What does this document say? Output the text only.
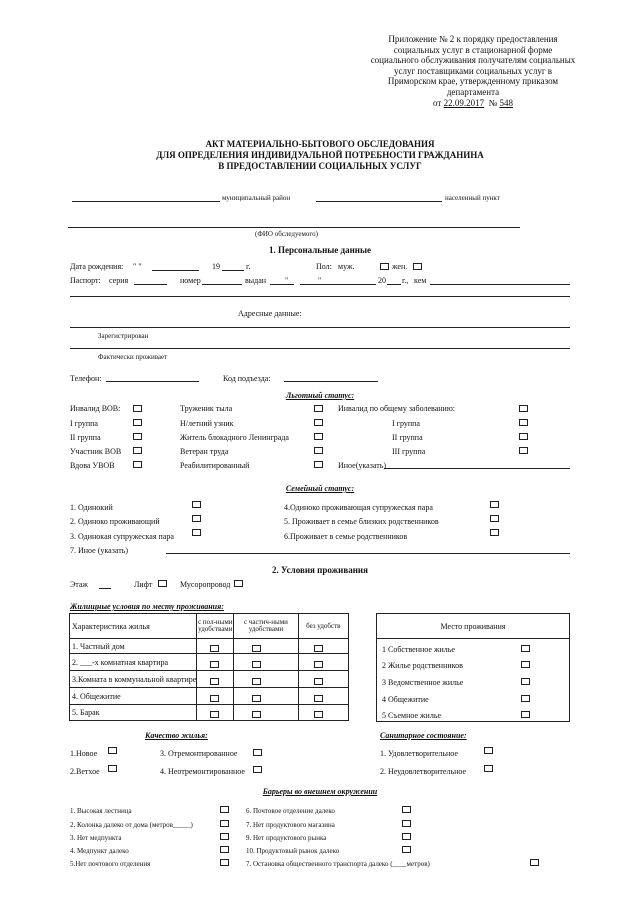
Приложение № 2 к порядку предоставления социальных услуг в стационарной форме социального обслуживания получателям социальных услуг поставщиками социальных услуг в Приморском крае, утвержденному приказом департамента
от 22.09.2017 № 548
АКТ МАТЕРИАЛЬНО-БЫТОВОГО ОБСЛЕДОВАНИЯ
ДЛЯ ОПРЕДЕЛЕНИЯ ИНДИВИДУАЛЬНОЙ ПОТРЕБНОСТИ ГРАЖДАНИНА
В ПРЕДОСТАВЛЕНИИ СОЦИАЛЬНЫХ УСЛУГ
муниципальный район	населенный пункт
(ФИО обследуемого)
1. Персональные данные
Дата рождения: " "	19	г.	Пол: муж.	жен.
Паспорт: серия	номер	выдан "	"	20 г., кем
Адресные данные:
Зарегистрирован
Фактически проживает
Телефон:	Код подъезда:
Льготный статус:
Инвалид ВОВ:
I группа
II группа
Участник ВОВ
Вдова УВОВ
Труженик тыла
Н/летний узник
Житель блокадного Ленинграда
Ветеран труда
Реабилитированный
Инвалид по общему заболеванию:
I группа
II группа
III группа
Иное(указать)
Семейный статус:
1. Одинокий
2. Одиноко проживающий
3. Одинокая супружеская пара
4.Одиноко проживающая супружеская пара
5. Проживает в семье близких родственников
6.Проживает в семье родственников
7. Иное (указать)
2. Условия проживания
Этаж	Лифт	Мусоропровод
Жилищные условия по месту проживания:
Характеристика жилья	с пол-ными удобствами	с частич-ными удобствами	без удобств
1. Частный дом			
2. ___-х комнатная квартира			
3.Комната в коммунальной квартире			
4. Общежитие			
5. Барак			
Место проживания

1 Собственное жилье
2 Жилье родственников
3 Ведомственное жилье
4 Общежитие
5 Съемное жилье
Качество жилья:	Санитарное состояние:
1.Новое
2.Ветхое
3. Отремонтированное
4. Неотремонтированное
1. Удовлетворительное
2. Неудовлетворительное
Барьеры во внешнем окружении
1. Высокая лестница
2. Колонка далеко от дома (метров_____)
3. Нет медпункта
4. Медпункт далеко
5.Нет почтового отделения
6. Почтовое отделение далеко
7. Нет продуктового магазина
9. Нет продуктового рынка
10. Продуктовый рынок далеко
7. Остановка общественного транспорта далеко (____метров)
